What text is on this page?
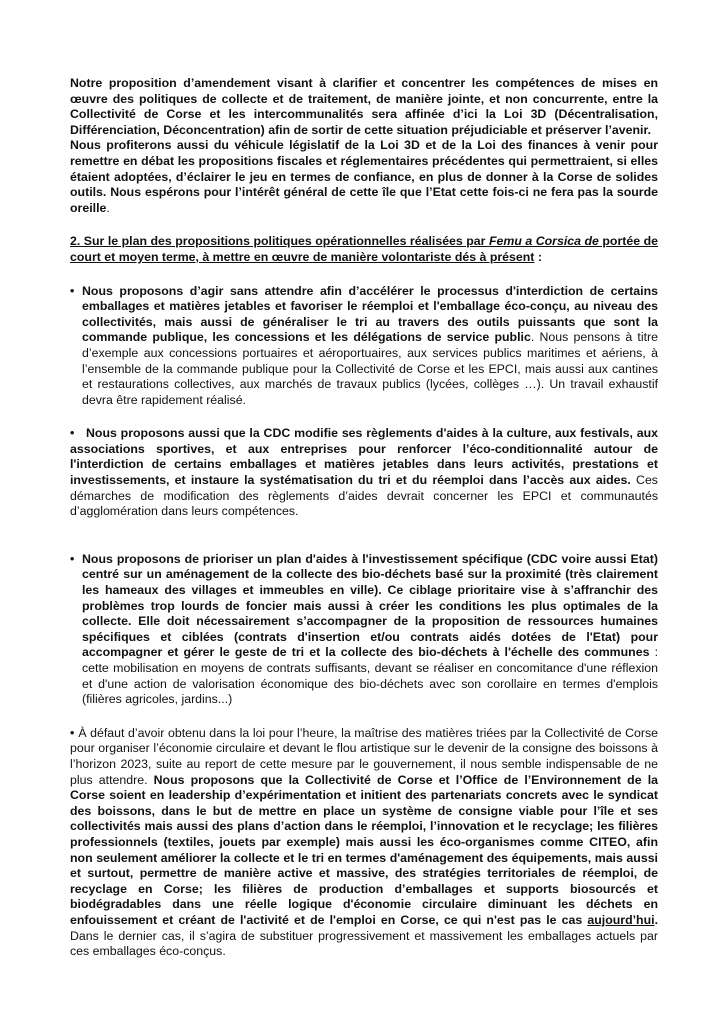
Notre proposition d’amendement visant à clarifier et concentrer les compétences de mises en œuvre des politiques de collecte et de traitement, de manière jointe, et non concurrente, entre la Collectivité de Corse et les intercommunalités sera affinée d’ici la Loi 3D (Décentralisation, Différenciation, Déconcentration) afin de sortir de cette situation préjudiciable et préserver l’avenir.

Nous profiterons aussi du véhicule législatif de la Loi 3D et de la Loi des finances à venir pour remettre en débat les propositions fiscales et réglementaires précédentes qui permettraient, si elles étaient adoptées, d’éclairer le jeu en termes de confiance, en plus de donner à la Corse de solides outils. Nous espérons pour l’intérêt général de cette île que l’Etat cette fois-ci ne fera pas la sourde oreille.

2. Sur le plan des propositions politiques opérationnelles réalisées par Femu a Corsica de portée de court et moyen terme, à mettre en œuvre de manière volontariste dés à présent :

• Nous proposons d’agir sans attendre afin d’accélérer le processus d'interdiction de certains emballages et matières jetables et favoriser le réemploi et l'emballage éco-conçu, au niveau des collectivités, mais aussi de généraliser le tri au travers des outils puissants que sont la commande publique, les concessions et les délégations de service public. Nous pensons à titre d’exemple aux concessions portuaires et aéroportuaires, aux services publics maritimes et aériens, à l’ensemble de la commande publique pour la Collectivité de Corse et les EPCI, mais aussi aux cantines et restaurations collectives, aux marchés de travaux publics (lycées, collèges …). Un travail exhaustif devra être rapidement réalisé.

• Nous proposons aussi que la CDC modifie ses règlements d'aides à la culture, aux festivals, aux associations sportives, et aux entreprises pour renforcer l’éco-conditionnalité autour de l'interdiction de certains emballages et matières jetables dans leurs activités, prestations et investissements, et instaure la systématisation du tri et du réemploi dans l’accès aux aides. Ces démarches de modification des règlements d’aides devrait concerner les EPCI et communautés d’agglomération dans leurs compétences.

• Nous proposons de prioriser un plan d'aides à l'investissement spécifique (CDC voire aussi Etat) centré sur un aménagement de la collecte des bio-déchets basé sur la proximité (très clairement les hameaux des villages et immeubles en ville). Ce ciblage prioritaire vise à s’affranchir des problèmes trop lourds de foncier mais aussi à créer les conditions les plus optimales de la collecte. Elle doit nécessairement s’accompagner de la proposition de ressources humaines spécifiques et ciblées (contrats d'insertion et/ou contrats aidés dotées de l'Etat) pour accompagner et gérer le geste de tri et la collecte des bio-déchets à l'échelle des communes : cette mobilisation en moyens de contrats suffisants, devant se réaliser en concomitance d'une réflexion et d'une action de valorisation économique des bio-déchets avec son corollaire en termes d'emplois (filières agricoles, jardins...)

• À défaut d’avoir obtenu dans la loi pour l’heure, la maîtrise des matières triées par la Collectivité de Corse pour organiser l’économie circulaire et devant le flou artistique sur le devenir de la consigne des boissons à l’horizon 2023, suite au report de cette mesure par le gouvernement, il nous semble indispensable de ne plus attendre. Nous proposons que la Collectivité de Corse et l’Office de l’Environnement de la Corse soient en leadership d’expérimentation et initient des partenariats concrets avec le syndicat des boissons, dans le but de mettre en place un système de consigne viable pour l’île et ses collectivités mais aussi des plans d’action dans le réemploi, l’innovation et le recyclage; les filières professionnels (textiles, jouets par exemple) mais aussi les éco-organismes comme CITEO, afin non seulement améliorer la collecte et le tri en termes d'aménagement des équipements, mais aussi et surtout, permettre de manière active et massive, des stratégies territoriales de réemploi, de recyclage en Corse; les filières de production d’emballages et supports biosourcés et biodégradables dans une réelle logique d'économie circulaire diminuant les déchets en enfouissement et créant de l'activité et de l'emploi en Corse, ce qui n'est pas le cas aujourd’hui. Dans le dernier cas, il s’agira de substituer progressivement et massivement les emballages actuels par ces emballages éco-conçus.
